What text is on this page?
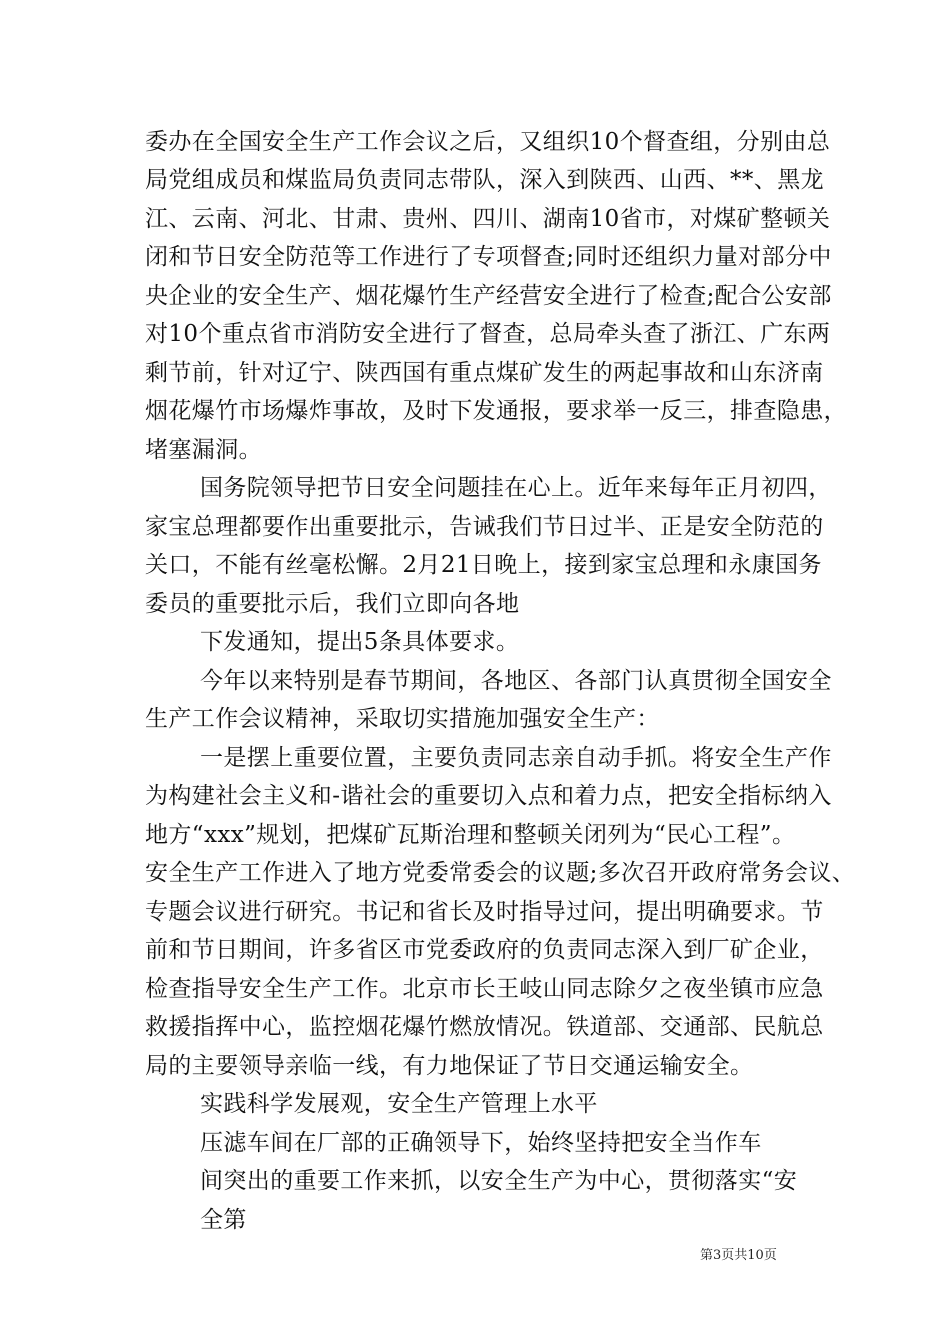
委办在全国安全生产工作会议之后，又组织10个督查组，分别由总
局党组成员和煤监局负责同志带队，深入到陕西、山西、**、黑龙
江、云南、河北、甘肃、贵州、四川、湖南10省市，对煤矿整顿关
闭和节日安全防范等工作进行了专项督查;同时还组织力量对部分中
央企业的安全生产、烟花爆竹生产经营安全进行了检查;配合公安部
对10个重点省市消防安全进行了督查，总局牵头查了浙江、广东两
剩节前，针对辽宁、陕西国有重点煤矿发生的两起事故和山东济南
烟花爆竹市场爆炸事故，及时下发通报，要求举一反三，排查隐患，
堵塞漏洞。
国务院领导把节日安全问题挂在心上。近年来每年正月初四，
家宝总理都要作出重要批示，告诫我们节日过半、正是安全防范的
关口，不能有丝毫松懈。2月21日晚上，接到家宝总理和永康国务
委员的重要批示后，我们立即向各地
下发通知，提出5条具体要求。
今年以来特别是春节期间，各地区、各部门认真贯彻全国安全
生产工作会议精神，采取切实措施加强安全生产：
一是摆上重要位置，主要负责同志亲自动手抓。将安全生产作
为构建社会主义和-谐社会的重要切入点和着力点，把安全指标纳入
地方“xxx”规划，把煤矿瓦斯治理和整顿关闭列为“民心工程”。
安全生产工作进入了地方党委常委会的议题;多次召开政府常务会议、
专题会议进行研究。书记和省长及时指导过问，提出明确要求。节
前和节日期间，许多省区市党委政府的负责同志深入到厂矿企业，
检查指导安全生产工作。北京市长王岐山同志除夕之夜坐镇市应急
救援指挥中心，监控烟花爆竹燃放情况。铁道部、交通部、民航总
局的主要领导亲临一线，有力地保证了节日交通运输安全。
实践科学发展观，安全生产管理上水平
压滤车间在厂部的正确领导下，始终坚持把安全当作车
间突出的重要工作来抓，以安全生产为中心，贯彻落实“安
全第
第3页共10页
